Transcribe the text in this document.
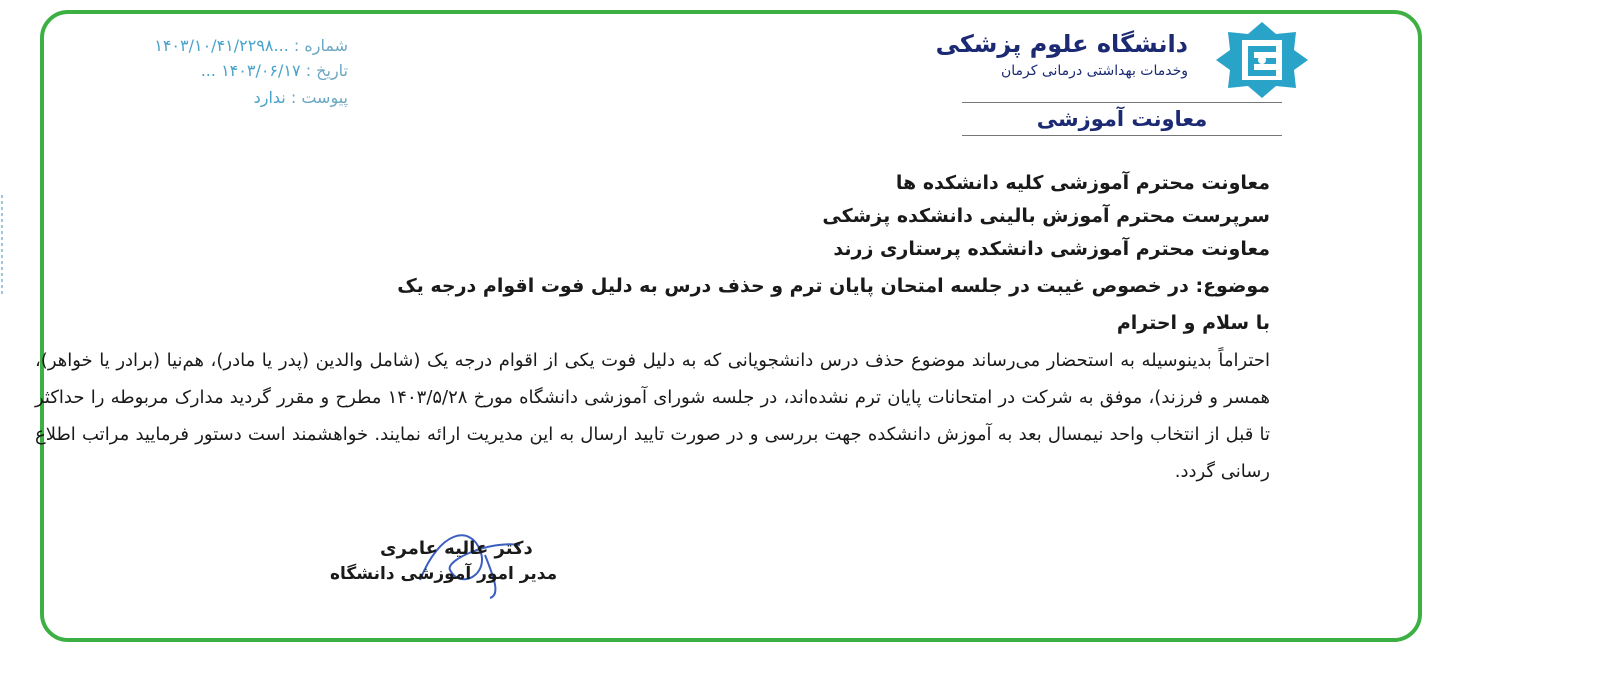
دانشگاه علوم پزشکی
وخدمات بهداشتی درمانی کرمان
معاونت آموزشی
شماره : ...۱۴۰۳/۱۰/۴۱/۲۲۹۸
تاریخ : ۱۴۰۳/۰۶/۱۷ ...
پیوست : ندارد
معاونت محترم آموزشی کلیه دانشکده ها
سرپرست محترم آموزش بالینی دانشکده پزشکی
معاونت محترم آموزشی دانشکده پرستاری زرند
موضوع: در خصوص غیبت در جلسه امتحان پایان ترم و حذف درس به دلیل فوت اقوام درجه یک
با سلام و احترام
احتراماً بدینوسیله به استحضار می‌رساند موضوع حذف درس دانشجویانی که به دلیل فوت یکی از اقوام درجه یک (شامل والدین (پدر یا مادر)، هم‌نیا (برادر یا خواهر)، همسر و فرزند)، موفق به شرکت در امتحانات پایان ترم نشده‌اند، در جلسه شورای آموزشی دانشگاه مورخ ۱۴۰۳/۵/۲۸ مطرح و مقرر گردید مدارک مربوطه را حداکثر تا قبل از انتخاب واحد نیمسال بعد به آموزش دانشکده جهت بررسی و در صورت تایید ارسال به این مدیریت ارائه نمایند. خواهشمند است دستور فرمایید مراتب اطلاع رسانی گردد.
دکتر عالیه عامری
مدیر امور آموزشی دانشگاه
